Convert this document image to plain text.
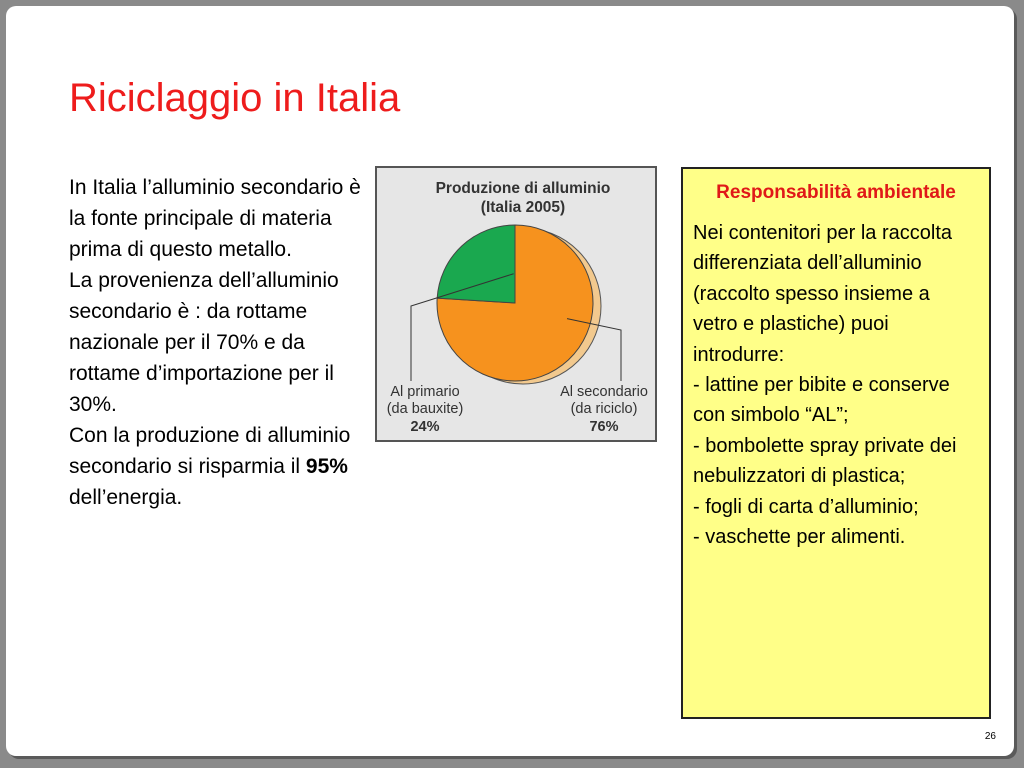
Riciclaggio in Italia

In Italia l’alluminio secondario è la fonte principale di materia prima di questo metallo.

La provenienza dell’alluminio secondario è : da rottame nazionale per il 70% e da rottame d’importazione per il 30%.

Con la produzione di alluminio secondario si risparmia il 95% dell’energia.

Produzione di alluminio
(Italia 2005)
Al primario
(da bauxite)
24%
Al secondario
(da riciclo)
76%

Responsabilità ambientale

Nei contenitori per la raccolta differenziata dell’alluminio (raccolto spesso insieme a vetro e plastiche) puoi introdurre:

- lattine per bibite e conserve con simbolo “AL”;

- bombolette spray private dei nebulizzatori di plastica;

- fogli di carta d’alluminio;

- vaschette per alimenti.

26
